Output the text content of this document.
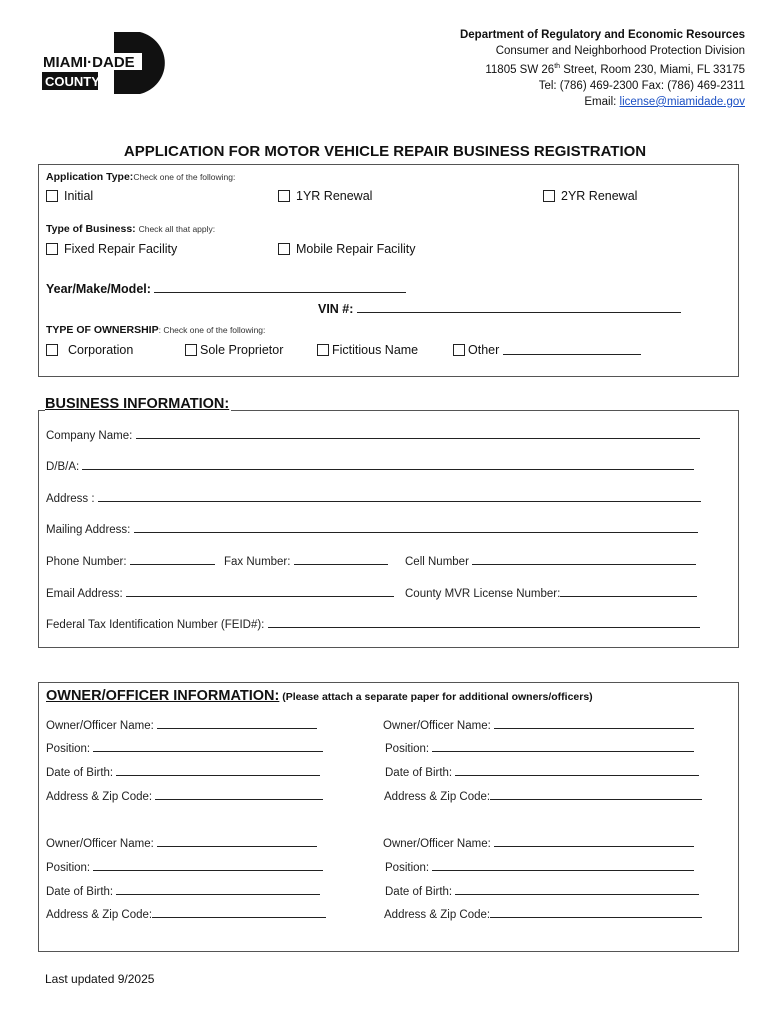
Department of Regulatory and Economic Resources
Consumer and Neighborhood Protection Division
11805 SW 26th Street, Room 230, Miami, FL 33175
Tel: (786) 469-2300 Fax: (786) 469-2311
Email: license@miamidade.gov
MIAMI·DADE
COUNTY
APPLICATION FOR MOTOR VEHICLE REPAIR BUSINESS REGISTRATION
Application Type:Check one of the following:
Initial	1YR Renewal	2YR Renewal
Type of Business: Check all that apply:
Fixed Repair Facility	Mobile Repair Facility
Year/Make/Model:
VIN #:
TYPE OF OWNERSHIP: Check one of the following:
Corporation	Sole Proprietor	Fictitious Name	Other

BUSINESS INFORMATION:
Company Name:
D/B/A:
Address :
Mailing Address:
Phone Number:	Fax Number:	Cell Number
Email Address:	County MVR License Number:
Federal Tax Identification Number (FEID#):
OWNER/OFFICER INFORMATION: (Please attach a separate paper for additional owners/officers)
Owner/Officer Name:
Position:
Date of Birth:
Address & Zip Code:
Owner/Officer Name:
Position:
Date of Birth:
Address & Zip Code:
Owner/Officer Name:
Position:
Date of Birth:
Address & Zip Code:
Owner/Officer Name:
Position:
Date of Birth:
Address & Zip Code:
Last updated 9/2025
